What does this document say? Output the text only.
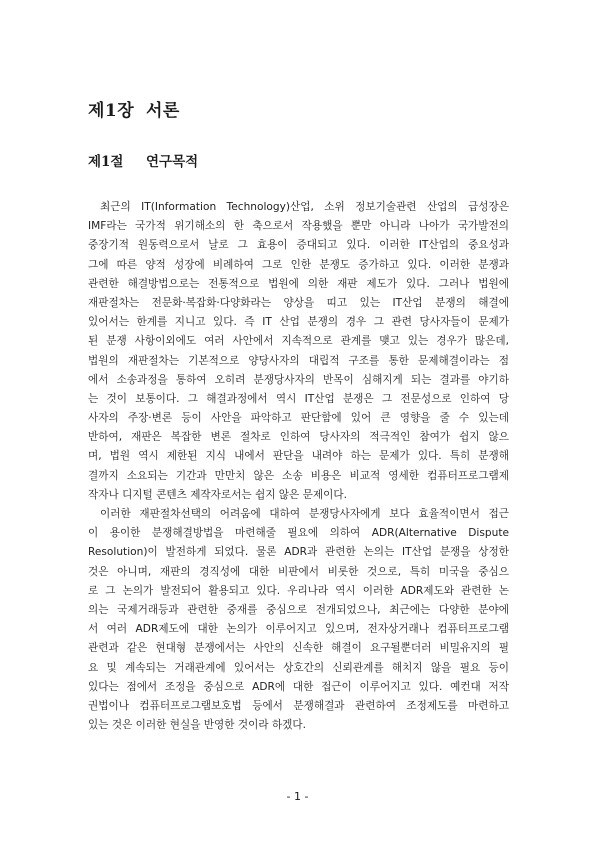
제1장 서론
제1절 연구목적
최근의 IT(Information Technology)산업, 소위 정보기술관련 산업의 급성장은
IMF라는 국가적 위기해소의 한 축으로서 작용했을 뿐만 아니라 나아가 국가발전의
중장기적 원동력으로서 날로 그 효용이 증대되고 있다. 이러한 IT산업의 중요성과
그에 따른 양적 성장에 비례하여 그로 인한 분쟁도 증가하고 있다. 이러한 분쟁과
관련한 해결방법으로는 전통적으로 법원에 의한 재판 제도가 있다. 그러나 법원에
재판절차는 전문화·복잡화·다양화라는 양상을 띠고 있는 IT산업 분쟁의 해결에
있어서는 한계를 지니고 있다. 즉 IT 산업 분쟁의 경우 그 관련 당사자들이 문제가
된 분쟁 사항이외에도 여러 사안에서 지속적으로 관계를 맺고 있는 경우가 많은데,
법원의 재판절차는 기본적으로 양당사자의 대립적 구조를 통한 문제해결이라는 점
에서 소송과정을 통하여 오히려 분쟁당사자의 반목이 심해지게 되는 결과를 야기하
는 것이 보통이다. 그 해결과정에서 역시 IT산업 분쟁은 그 전문성으로 인하여 당
사자의 주장·변론 등이 사안을 파악하고 판단함에 있어 큰 영향을 줄 수 있는데
반하여, 재판은 복잡한 변론 절차로 인하여 당사자의 적극적인 참여가 쉽지 않으
며, 법원 역시 제한된 지식 내에서 판단을 내려야 하는 문제가 있다. 특히 분쟁해
결까지 소요되는 기간과 만만치 않은 소송 비용은 비교적 영세한 컴퓨터프로그램제
작자나 디지털 콘텐츠 제작자로서는 쉽지 않은 문제이다.
이러한 재판절차선택의 어려움에 대하여 분쟁당사자에게 보다 효율적이면서 접근
이 용이한 분쟁해결방법을 마련해줄 필요에 의하여 ADR(Alternative Dispute
Resolution)이 발전하게 되었다. 물론 ADR과 관련한 논의는 IT산업 분쟁을 상정한
것은 아니며, 재판의 경직성에 대한 비판에서 비롯한 것으로, 특히 미국을 중심으
로 그 논의가 발전되어 활용되고 있다. 우리나라 역시 이러한 ADR제도와 관련한 논
의는 국제거래등과 관련한 중재를 중심으로 전개되었으나, 최근에는 다양한 분야에
서 여러 ADR제도에 대한 논의가 이루어지고 있으며, 전자상거래나 컴퓨터프로그램
관련과 같은 현대형 분쟁에서는 사안의 신속한 해결이 요구될뿐더러 비밀유지의 필
요 및 계속되는 거래관계에 있어서는 상호간의 신뢰관계를 해치지 않을 필요 등이
있다는 점에서 조정을 중심으로 ADR에 대한 접근이 이루어지고 있다. 예컨대 저작
권법이나 컴퓨터프로그램보호법 등에서 분쟁해결과 관련하여 조정제도를 마련하고
있는 것은 이러한 현실을 반영한 것이라 하겠다.
- 1 -
